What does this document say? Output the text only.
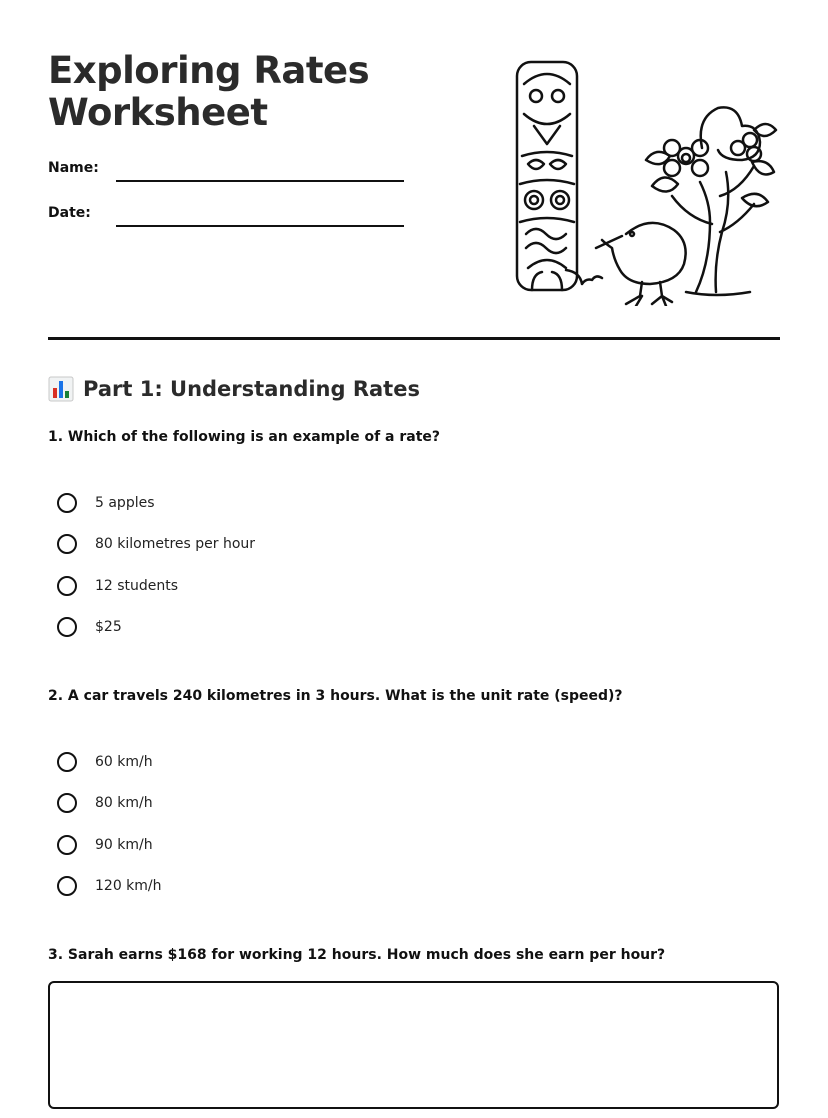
Exploring Rates
Worksheet
Name:
Date:
Part 1: Understanding Rates

1. Which of the following is an example of a rate?

5 apples
80 kilometres per hour
12 students
$25

2. A car travels 240 kilometres in 3 hours. What is the unit rate (speed)?

60 km/h
80 km/h
90 km/h
120 km/h

3. Sarah earns $168 for working 12 hours. How much does she earn per hour?
